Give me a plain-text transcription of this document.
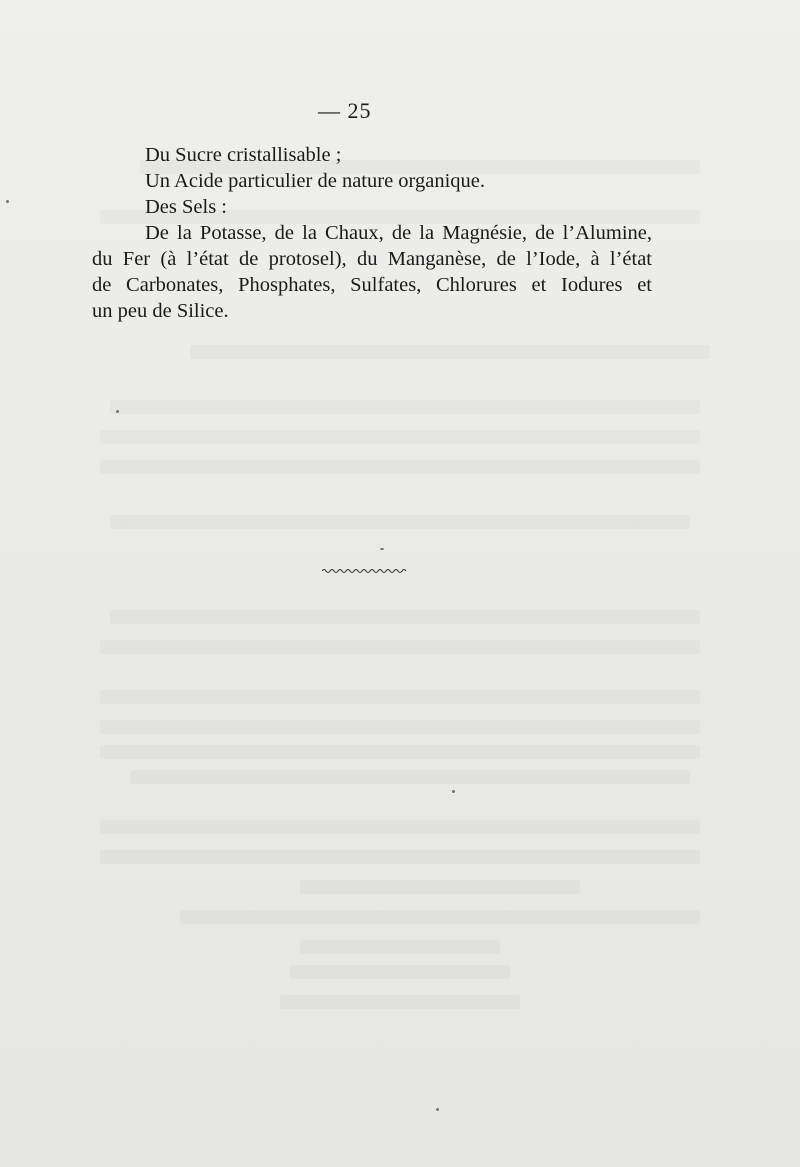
— 25
Du Sucre cristallisable ;
Un Acide particulier de nature organique.
Des Sels :
De la Potasse, de la Chaux, de la Magnésie, de l’Alumine,
du Fer (à l’état de protosel), du Manganèse, de l’Iode, à l’état
de Carbonates, Phosphates, Sulfates, Chlorures et Iodures et
un peu de Silice.
